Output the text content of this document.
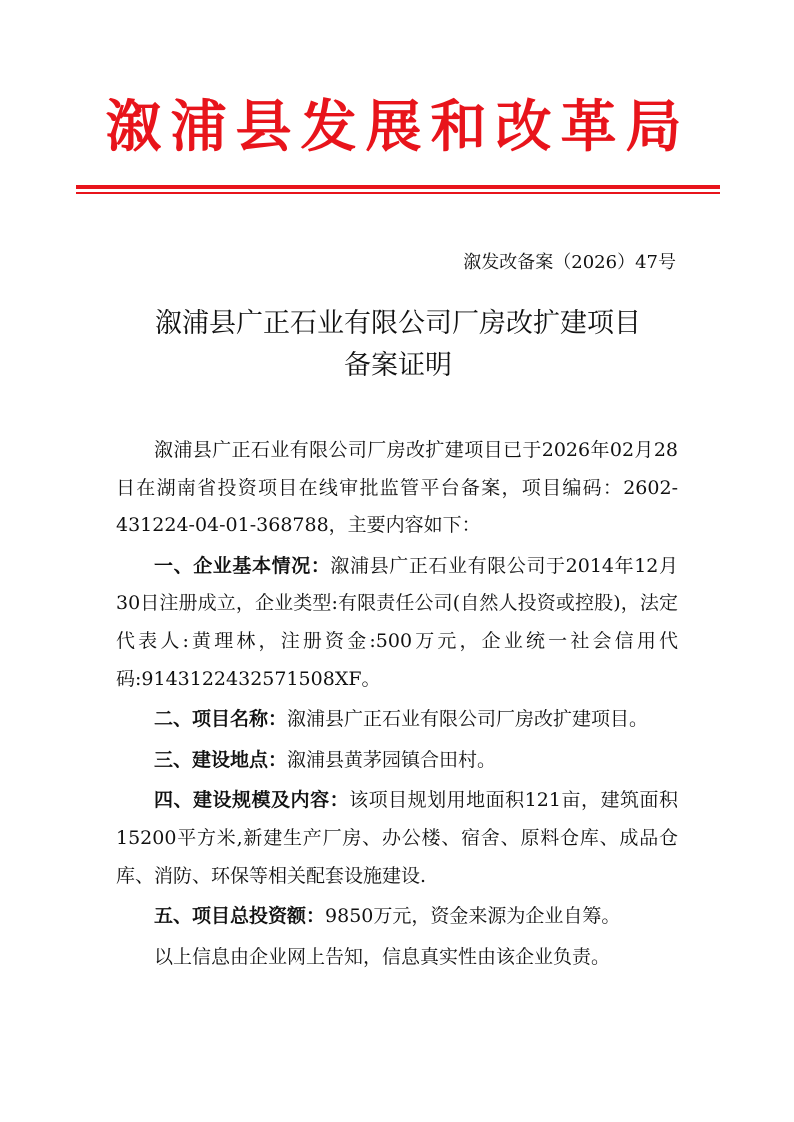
溆浦县发展和改革局
溆发改备案（2026）47号
溆浦县广正石业有限公司厂房改扩建项目
备案证明

溆浦县广正石业有限公司厂房改扩建项目已于2026年02月28日在湖南省投资项目在线审批监管平台备案，项目编码：2602-431224-04-01-368788，主要内容如下：

一、企业基本情况：溆浦县广正石业有限公司于2014年12月30日注册成立，企业类型:有限责任公司(自然人投资或控股)，法定代表人:黄理林，注册资金:500万元，企业统一社会信用代码:9143122432571508XF。

二、项目名称：溆浦县广正石业有限公司厂房改扩建项目。

三、建设地点：溆浦县黄茅园镇合田村。

四、建设规模及内容：该项目规划用地面积121亩，建筑面积15200平方米,新建生产厂房、办公楼、宿舍、原料仓库、成品仓库、消防、环保等相关配套设施建设.

五、项目总投资额：9850万元，资金来源为企业自筹。

以上信息由企业网上告知，信息真实性由该企业负责。
